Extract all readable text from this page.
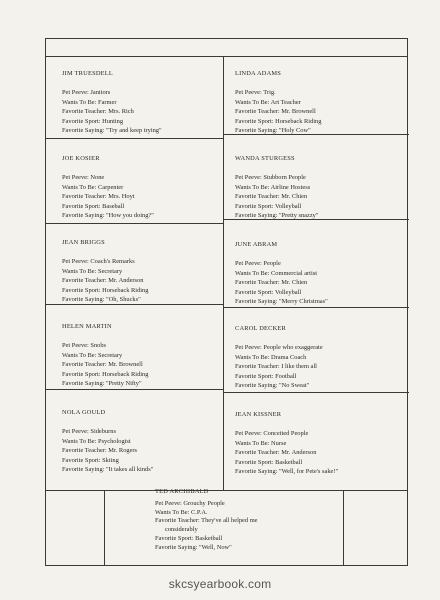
JIM TRUESDELL
Pet Peeve: Janitors
Wants To Be: Farmer
Favorite Teacher: Mrs. Rich
Favorite Sport: Hunting
Favorite Saying: "Try and keep trying"
JOE KOSIER
Pet Peeve: None
Wants To Be: Carpenter
Favorite Teacher: Mrs. Hoyt
Favorite Sport: Baseball
Favorite Saying: "How you doing?"
JEAN BRIGGS
Pet Peeve: Coach's Remarks
Wants To Be: Secretary
Favorite Teacher: Mr. Anderson
Favorite Sport: Horseback Riding
Favorite Saying: "Oh, Shucks"
HELEN MARTIN
Pet Peeve: Snobs
Wants To Be: Secretary
Favorite Teacher: Mr. Brownell
Favorite Sport: Horseback Riding
Favorite Saying: "Pretty Nifty"
NOLA GOULD
Pet Peeve: Sideburns
Wants To Be: Psychologist
Favorite Teacher: Mr. Rogers
Favorite Sport: Skiing
Favorite Saying: "It takes all kinds"
LINDA ADAMS
Pet Peeve: Trig.
Wants To Be: Art Teacher
Favorite Teacher: Mr. Brownell
Favorite Sport: Horseback Riding
Favorite Saying: "Holy Cow"
WANDA STURGESS
Pet Peeve: Stubborn People
Wants To Be: Airline Hostess
Favorite Teacher: Mr. Chien
Favorite Sport: Volleyball
Favorite Saying: "Pretty snazzy"
JUNE ABRAM
Pet Peeve: People
Wants To Be: Commercial artist
Favorite Teacher: Mr. Chien
Favorite Sport: Volleyball
Favorite Saying: "Merry Christmas"
CAROL DECKER
Pet Peeve: People who exaggerate
Wants To Be: Drama Coach
Favorite Teacher: I like them all
Favorite Sport: Football
Favorite Saying: "No Sweat"
JEAN KISSNER
Pet Peeve: Conceited People
Wants To Be: Nurse
Favorite Teacher: Mr. Anderson
Favorite Sport: Basketball
Favorite Saying: "Well, for Pete's sake!"
TED ARCHIBALD
Pet Peeve: Grouchy People
Wants To Be: C.P.A.
Favorite Teacher: They've all helped me
considerably
Favorite Sport: Basketball
Favorite Saying: "Well, Now"
skcsyearbook.com
